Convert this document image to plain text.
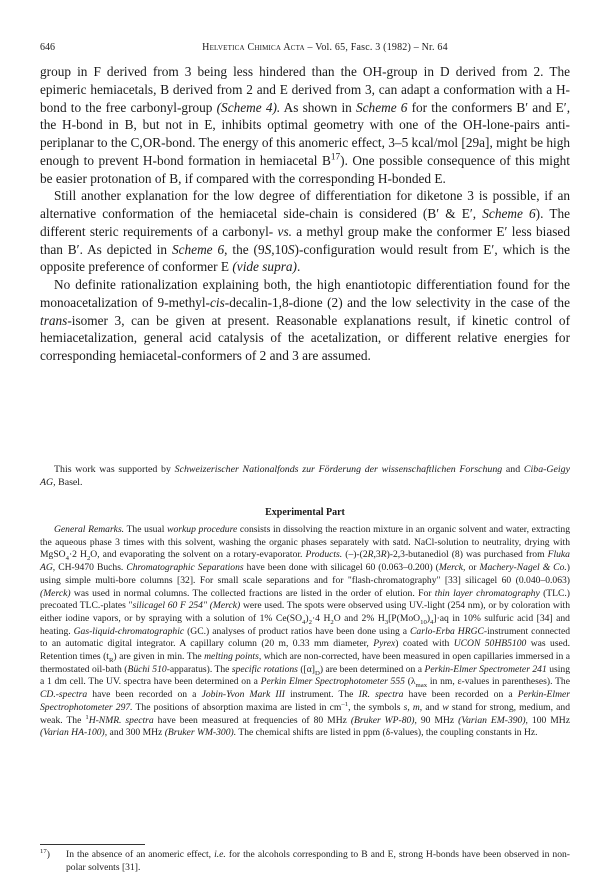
646	Helvetica Chimica Acta – Vol. 65, Fasc. 3 (1982) – Nr. 64

group in F derived from 3 being less hindered than the OH-group in D derived from 2. The epimeric hemiacetals, B derived from 2 and E derived from 3, can adapt a conformation with a H-bond to the free carbonyl-group (Scheme 4). As shown in Scheme 6 for the conformers B′ and E′, the H-bond in B, but not in E, inhibits optimal geometry with one of the OH-lone-pairs anti-periplanar to the C,OR-bond. The energy of this anomeric effect, 3–5 kcal/mol [29a], might be high enough to prevent H-bond formation in hemiacetal $B^{17}$). One possible consequence of this might be easier protonation of B, if compared with the corresponding H-bonded E.

Still another explanation for the low degree of differentiation for diketone 3 is possible, if an alternative conformation of the hemiacetal side-chain is considered (B′ & E′, Scheme 6). The different steric requirements of a carbonyl- vs. a methyl group make the conformer E′ less biased than B′. As depicted in Scheme 6, the (9S,10S)-configuration would result from E′, which is the opposite preference of conformer E (vide supra).

No definite rationalization explaining both, the high enantiotopic differentiation found for the monoacetalization of 9-methyl-cis-decalin-1,8-dione (2) and the low selectivity in the case of the trans-isomer 3, can be given at present. Reasonable explanations result, if kinetic control of hemiacetalization, general acid catalysis of the acetalization, or different relative energies for corresponding hemiacetal-conformers of 2 and 3 are assumed.

This work was supported by Schweizerischer Nationalfonds zur Förderung der wissenschaftlichen Forschung and Ciba-Geigy AG, Basel.
Experimental Part
General Remarks. The usual workup procedure consists in dissolving the reaction mixture in an organic solvent and water, extracting the aqueous phase 3 times with this solvent, washing the organic phases separately with satd. NaCl-solution to neutrality, drying with MgSO$_4$·2 $H_2O$, and evaporating the solvent on a rotary-evaporator. Products. (–)-(2R,3R)-2,3-butanediol (8) was purchased from Fluka AG, CH-9470 Buchs. Chromatographic Separations have been done with silicagel 60 (0.063–0.200) (Merck, or Machery-Nagel & Co.) using simple multi-bore columns [32]. For small scale separations and for "flash-chromatography" [33] silicagel 60 (0.040–0.063) (Merck) was used in normal columns. The collected fractions are listed in the order of elution. For thin layer chromatography (TLC.) precoated TLC.-plates "silicagel 60 F 254" (Merck) were used. The spots were observed using UV.-light (254 nm), or by coloration with either iodine vapors, or by spraying with a solution of 1% $Ce(SO_4)_2\cdot 4$ $H_2O$ and 2% $H_3[P(MoO_{10})_4]\cdot aq$ in 10% sulfuric acid [34] and heating. Gas-liquid-chromatographic (GC.) analyses of product ratios have been done using a Carlo-Erba HRGC-instrument connected to an automatic digital integrator. A capillary column (20 m, 0.33 mm diameter, Pyrex) coated with UCON 50HB5100 was used. Retention times $(t_R)$ are given in min. The melting points, which are non-corrected, have been measured in open capillaries immersed in a thermostated oil-bath (Büchi 510-apparatus). The specific rotations $([\alpha]_D)$ are been determined on a Perkin-Elmer Spectrometer 241 using a 1 dm cell. The UV. spectra have been determined on a Perkin Elmer Spectrophotometer 555 ($\lambda_{max}$ in nm, ε-values in parentheses). The CD.-spectra have been recorded on a Jobin-Yvon Mark III instrument. The IR. spectra have been recorded on a Perkin-Elmer Spectrophotometer 297. The positions of absorption maxima are listed in $cm^{-1}$, the symbols s, m, and w stand for strong, medium, and weak. The $^1$H-NMR. spectra have been measured at frequencies of 80 MHz (Bruker WP-80), 90 MHz (Varian EM-390), 100 MHz (Varian HA-100), and 300 MHz (Bruker WM-300). The chemical shifts are listed in ppm (δ-values), the coupling constants in Hz.
$^{17}$)	In the absence of an anomeric effect, i.e. for the alcohols corresponding to B and E, strong H-bonds have been observed in non-polar solvents [31].
